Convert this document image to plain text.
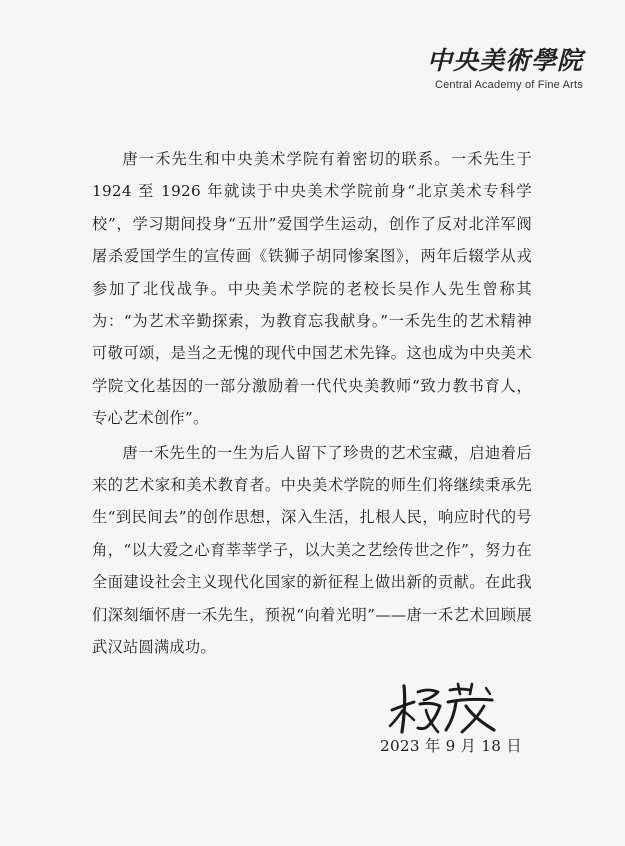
中央美術學院
Central Academy of Fine Arts

唐一禾先生和中央美术学院有着密切的联系。一禾先生于 1924 至 1926 年就读于中央美术学院前身“北京美术专科学校”，学习期间投身“五卅”爱国学生运动，创作了反对北洋军阀屠杀爱国学生的宣传画《铁狮子胡同惨案图》，两年后辍学从戎参加了北伐战争。中央美术学院的老校长吴作人先生曾称其为：“为艺术辛勤探索，为教育忘我献身。”一禾先生的艺术精神可敬可颂，是当之无愧的现代中国艺术先锋。这也成为中央美术学院文化基因的一部分激励着一代代央美教师“致力教书育人，专心艺术创作”。

唐一禾先生的一生为后人留下了珍贵的艺术宝藏，启迪着后来的艺术家和美术教育者。中央美术学院的师生们将继续秉承先生“到民间去”的创作思想，深入生活，扎根人民，响应时代的号角，“以大爱之心育莘莘学子，以大美之艺绘传世之作”，努力在全面建设社会主义现代化国家的新征程上做出新的贡献。在此我们深刻缅怀唐一禾先生，预祝“向着光明”——唐一禾艺术回顾展武汉站圆满成功。

杨茂
2023 年 9 月 18 日
